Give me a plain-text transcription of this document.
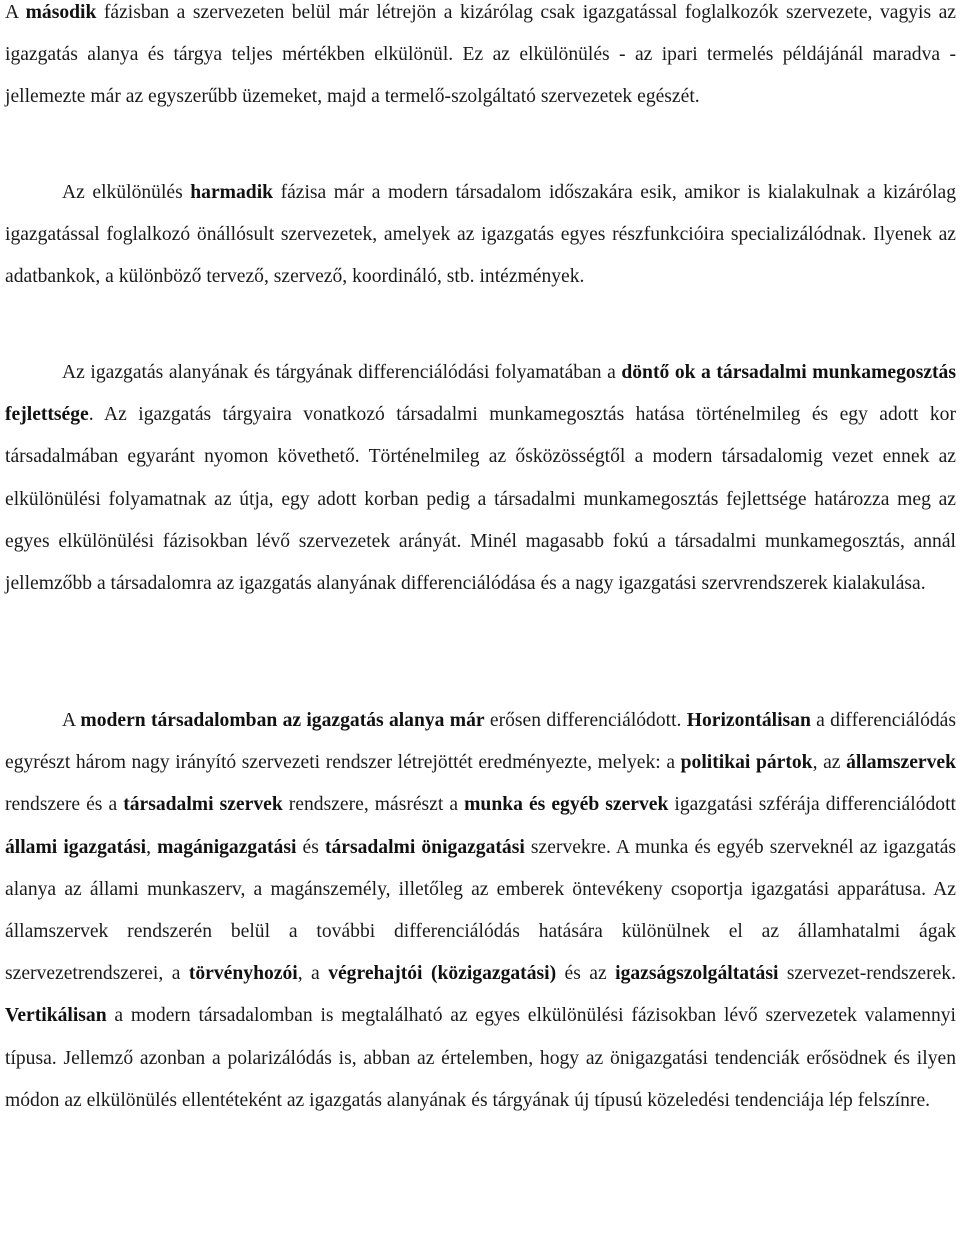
A második fázisban a szervezeten belül már létrejön a kizárólag csak igazgatással foglalkozók szervezete, vagyis az igazgatás alanya és tárgya teljes mértékben elkülönül. Ez az elkülönülés - az ipari termelés példájánál maradva - jellemezte már az egyszerűbb üzemeket, majd a termelő-szolgáltató szervezetek egészét.

Az elkülönülés harmadik fázisa már a modern társadalom időszakára esik, amikor is kialakulnak a kizárólag igazgatással foglalkozó önállósult szervezetek, amelyek az igazgatás egyes részfunkcióira specializálódnak. Ilyenek az adatbankok, a különböző tervező, szervező, koordináló, stb. intézmények.

Az igazgatás alanyának és tárgyának differenciálódási folyamatában a döntő ok a társadalmi munkamegosztás fejlettsége. Az igazgatás tárgyaira vonatkozó társadalmi munkamegosztás hatása történelmileg és egy adott kor társadalmában egyaránt nyomon követhető. Történelmileg az ősközösségtől a modern társadalomig vezet ennek az elkülönülési folyamatnak az útja, egy adott korban pedig a társadalmi munkamegosztás fejlettsége határozza meg az egyes elkülönülési fázisokban lévő szervezetek arányát. Minél magasabb fokú a társadalmi munkamegosztás, annál jellemzőbb a társadalomra az igazgatás alanyának differenciálódása és a nagy igazgatási szervrendszerek kialakulása.

A modern társadalomban az igazgatás alanya már erősen differenciálódott. Horizontálisan a differenciálódás egyrészt három nagy irányító szervezeti rendszer létrejöttét eredményezte, melyek: a politikai pártok, az államszervek rendszere és a társadalmi szervek rendszere, másrészt a munka és egyéb szervek igazgatási szférája differenciálódott állami igazgatási, magánigazgatási és társadalmi önigazgatási szervekre. A munka és egyéb szerveknél az igazgatás alanya az állami munkaszerv, a magánszemély, illetőleg az emberek öntevékeny csoportja igazgatási apparátusa. Az államszervek rendszerén belül a további differenciálódás hatására különülnek el az államhatalmi ágak szervezetrendszerei, a törvényhozói, a végrehajtói (közigazgatási) és az igazságszolgáltatási szervezet-rendszerek. Vertikálisan a modern társadalomban is megtalálható az egyes elkülönülési fázisokban lévő szervezetek valamennyi típusa. Jellemző azonban a polarizálódás is, abban az értelemben, hogy az önigazgatási tendenciák erősödnek és ilyen módon az elkülönülés ellentéteként az igazgatás alanyának és tárgyának új típusú közeledési tendenciája lép felszínre.
